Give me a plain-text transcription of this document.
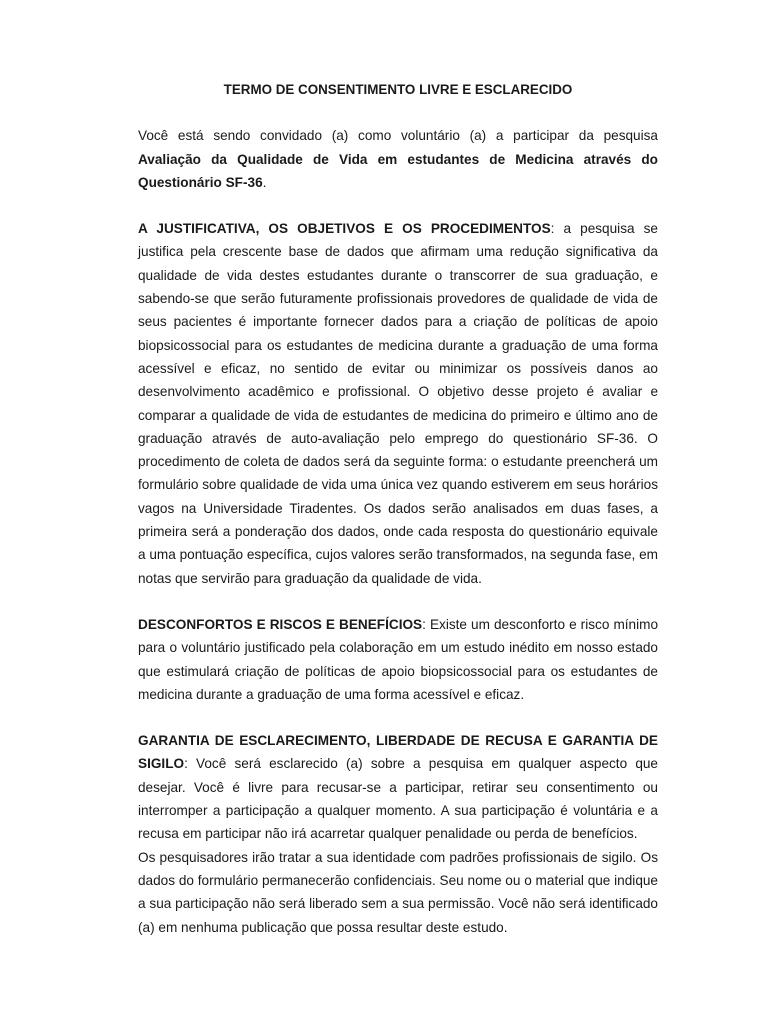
TERMO DE CONSENTIMENTO LIVRE E ESCLARECIDO
Você está sendo convidado (a) como voluntário (a) a participar da pesquisa Avaliação da Qualidade de Vida em estudantes de Medicina através do Questionário SF-36.
A JUSTIFICATIVA, OS OBJETIVOS E OS PROCEDIMENTOS: a pesquisa se justifica pela crescente base de dados que afirmam uma redução significativa da qualidade de vida destes estudantes durante o transcorrer de sua graduação, e sabendo-se que serão futuramente profissionais provedores de qualidade de vida de seus pacientes é importante fornecer dados para a criação de políticas de apoio biopsicossocial para os estudantes de medicina durante a graduação de uma forma acessível e eficaz, no sentido de evitar ou minimizar os possíveis danos ao desenvolvimento acadêmico e profissional. O objetivo desse projeto é avaliar e comparar a qualidade de vida de estudantes de medicina do primeiro e último ano de graduação através de auto-avaliação pelo emprego do questionário SF-36. O procedimento de coleta de dados será da seguinte forma: o estudante preencherá um formulário sobre qualidade de vida uma única vez quando estiverem em seus horários vagos na Universidade Tiradentes. Os dados serão analisados em duas fases, a primeira será a ponderação dos dados, onde cada resposta do questionário equivale a uma pontuação específica, cujos valores serão transformados, na segunda fase, em notas que servirão para graduação da qualidade de vida.
DESCONFORTOS E RISCOS E BENEFÍCIOS: Existe um desconforto e risco mínimo para o voluntário justificado pela colaboração em um estudo inédito em nosso estado que estimulará criação de políticas de apoio biopsicossocial para os estudantes de medicina durante a graduação de uma forma acessível e eficaz.
GARANTIA DE ESCLARECIMENTO, LIBERDADE DE RECUSA E GARANTIA DE SIGILO: Você será esclarecido (a) sobre a pesquisa em qualquer aspecto que desejar. Você é livre para recusar-se a participar, retirar seu consentimento ou interromper a participação a qualquer momento. A sua participação é voluntária e a recusa em participar não irá acarretar qualquer penalidade ou perda de benefícios.
Os pesquisadores irão tratar a sua identidade com padrões profissionais de sigilo. Os dados do formulário permanecerão confidenciais. Seu nome ou o material que indique a sua participação não será liberado sem a sua permissão. Você não será identificado (a) em nenhuma publicação que possa resultar deste estudo.
